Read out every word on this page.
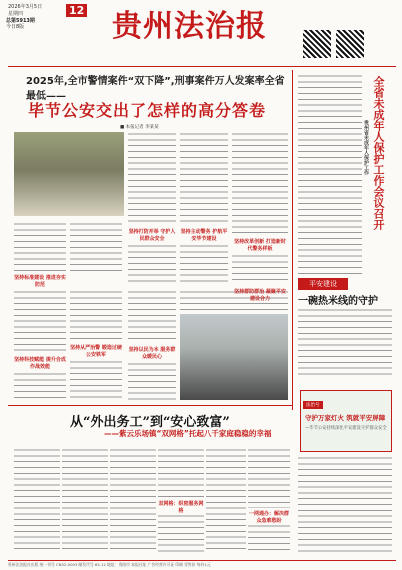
2026年3月5日
星期四	12
总第5913期
今日8版	贵州法治报
2025年,全市警情案件“双下降”,刑事案件万人发案率全省最低——
毕节公安交出了怎样的高分答卷
■ 本报记者 李某某
坚持标准建设 推进夯实防范
坚持科技赋能 提升合成作战效能
坚持打防并举 守护人民群众安全
坚持主动警务 护航平安毕节建设	坚持改革创新 打造新时代警务样板
坚持从严治警 锻造过硬公安铁军
坚持以民为本 服务群众暖民心
坚持群防群治 凝聚平安建设合力
全省未成年人保护工作会议召开
贵州省未成年人保护工作
平安建设
一碗热米线的守护
法治号
守护万家灯火 筑就平安屏障
—毕节公安持续深化平安建设守护群众安全
从“外出务工”到“安心致富”
——紫云乐场镇“双网格”托起八千家庭稳稳的幸福
双网格：织密服务网格	一网通办：解决群众急难愁盼
贵州法治报社出版 统一刊号 CN52-0003 邮发代号 65-12 地址：贵阳市 本报社址 广告经营许可证 印刷 零售价 每份1元
